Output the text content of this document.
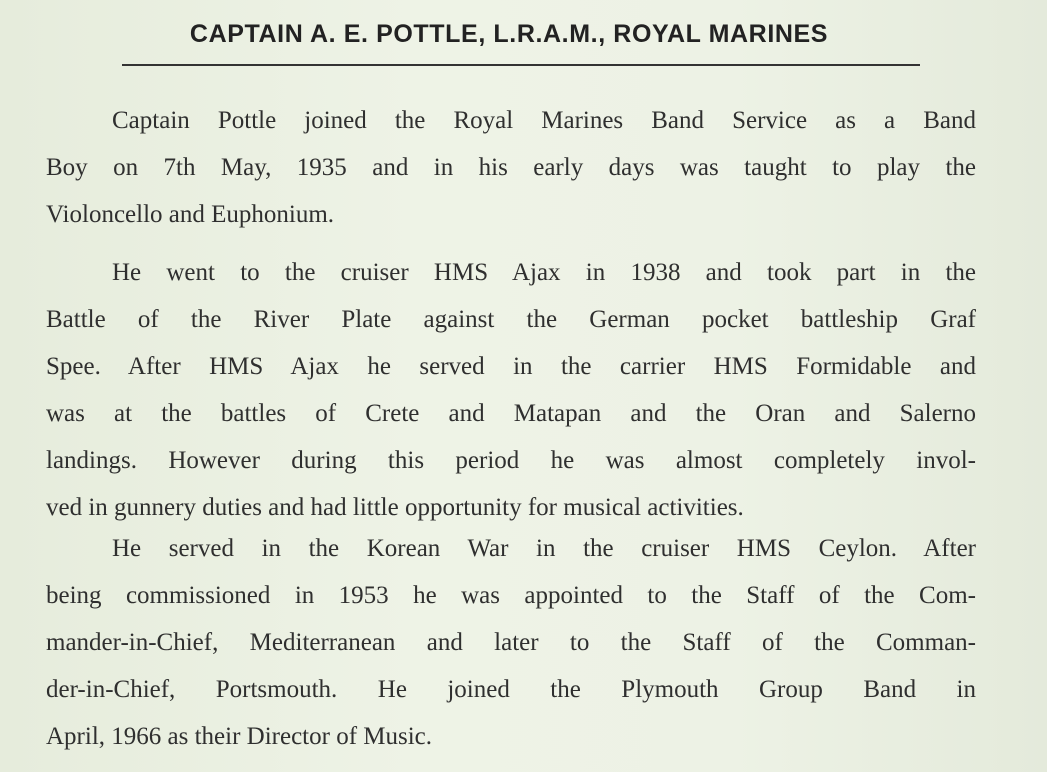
CAPTAIN A. E. POTTLE, L.R.A.M., ROYAL MARINES
Captain Pottle joined the Royal Marines Band Service as a Band
Boy on 7th May, 1935 and in his early days was taught to play the
Violoncello and Euphonium.
He went to the cruiser HMS Ajax in 1938 and took part in the
Battle of the River Plate against the German pocket battleship Graf
Spee. After HMS Ajax he served in the carrier HMS Formidable and
was at the battles of Crete and Matapan and the Oran and Salerno
landings. However during this period he was almost completely invol-
ved in gunnery duties and had little opportunity for musical activities.
He served in the Korean War in the cruiser HMS Ceylon. After
being commissioned in 1953 he was appointed to the Staff of the Com-
mander-in-Chief, Mediterranean and later to the Staff of the Comman-
der-in-Chief, Portsmouth. He joined the Plymouth Group Band in
April, 1966 as their Director of Music.
